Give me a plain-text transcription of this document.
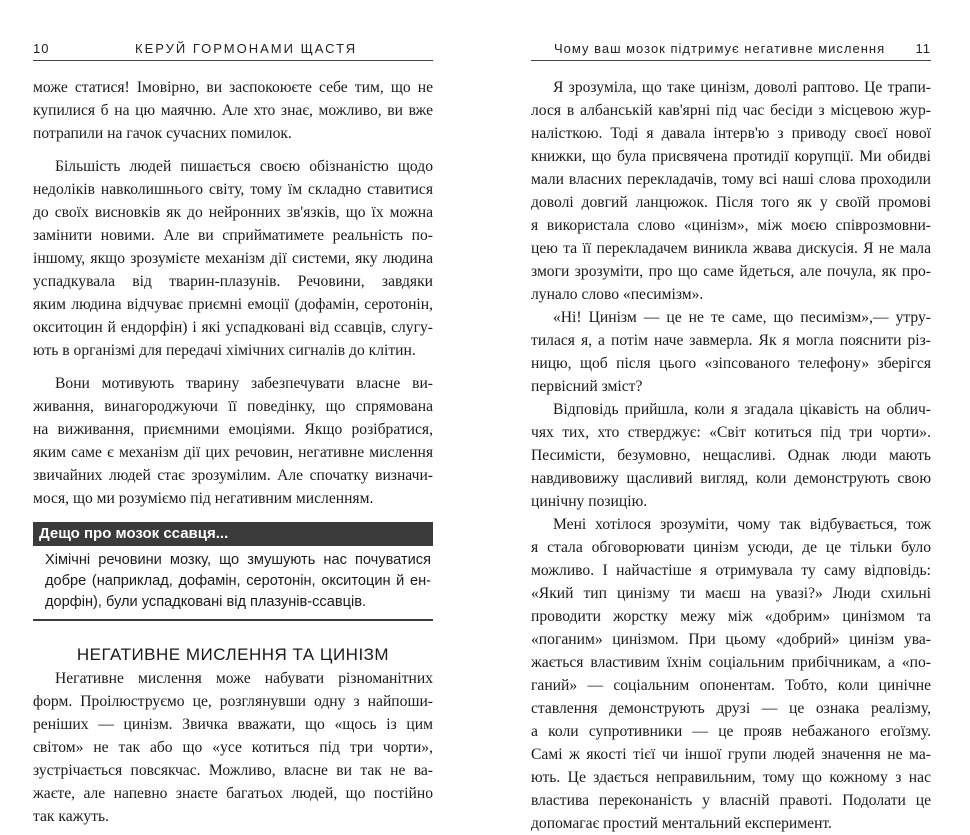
10	КЕРУЙ ГОРМОНАМИ ЩАСТЯ
може статися! Імовірно, ви заспокоюєте себе тим, що не
купилися б на цю маячню. Але хто знає, можливо, ви вже
потрапили на гачок сучасних помилок.
Більшість людей пишається своєю обізнаністю щодо
недоліків навколишнього світу, тому їм складно ставитися
до своїх висновків як до нейронних зв'язків, що їх можна
замінити новими. Але ви сприйматимете реальність по-
іншому, якщо зрозумієте механізм дії системи, яку людина
успадкувала від тварин-плазунів. Речовини, завдяки
яким людина відчуває приємні емоції (дофамін, серотонін,
окситоцин й ендорфін) і які успадковані від ссавців, слугу-
ють в організмі для передачі хімічних сигналів до клітин.
Вони мотивують тварину забезпечувати власне ви-
живання, винагороджуючи її поведінку, що спрямована
на виживання, приємними емоціями. Якщо розібратися,
яким саме є механізм дії цих речовин, негативне мислення
звичайних людей стає зрозумілим. Але спочатку визначи-
мося, що ми розуміємо під негативним мисленням.
Дещо про мозок ссавця...
Хімічні речовини мозку, що змушують нас почуватися
добре (наприклад, дофамін, серотонін, окситоцин й ен-
дорфін), були успадковані від плазунів-ссавців.
НЕГАТИВНЕ МИСЛЕННЯ ТА ЦИНІЗМ
Негативне мислення може набувати різноманітних
форм. Проілюструємо це, розглянувши одну з найпоши-
реніших — цинізм. Звичка вважати, що «щось із цим
світом» не так або що «усе котиться під три чорти»,
зустрічається повсякчас. Можливо, власне ви так не ва-
жаєте, але напевно знаєте багатьох людей, що постійно
так кажуть.
Чому ваш мозок підтримує негативне мислення 11
Я зрозуміла, що таке цинізм, доволі раптово. Це трапи-
лося в албанській кав'ярні під час бесіди з місцевою жур-
налісткою. Тоді я давала інтерв'ю з приводу своєї нової
книжки, що була присвячена протидії корупції. Ми обидві
мали власних перекладачів, тому всі наші слова проходили
доволі довгий ланцюжок. Після того як у своїй промові
я використала слово «цинізм», між моєю співрозмовни-
цею та її перекладачем виникла жвава дискусія. Я не мала
змоги зрозуміти, про що саме йдеться, але почула, як про-
лунало слово «песимізм».
«Ні! Цинізм — це не те саме, що песимізм»,— утру-
тилася я, а потім наче завмерла. Як я могла пояснити різ-
ницю, щоб після цього «зіпсованого телефону» зберігся
первісний зміст?
Відповідь прийшла, коли я згадала цікавість на облич-
чях тих, хто стверджує: «Світ котиться під три чорти».
Песимісти, безумовно, нещасливі. Однак люди мають
навдивовижу щасливий вигляд, коли демонструють свою
цинічну позицію.
Мені хотілося зрозуміти, чому так відбувається, тож
я стала обговорювати цинізм усюди, де це тільки було
можливо. І найчастіше я отримувала ту саму відповідь:
«Який тип цинізму ти маєш на увазі?» Люди схильні
проводити жорстку межу між «добрим» цинізмом та
«поганим» цинізмом. При цьому «добрий» цинізм ува-
жається властивим їхнім соціальним прибічникам, а «по-
ганий» — соціальним опонентам. Тобто, коли цинічне
ставлення демонструють друзі — це ознака реалізму,
а коли супротивники — це прояв небажаного егоїзму.
Самі ж якості тієї чи іншої групи людей значення не ма-
ють. Це здається неправильним, тому що кожному з нас
властива переконаність у власній правоті. Подолати це
допомагає простий ментальний експеримент.
